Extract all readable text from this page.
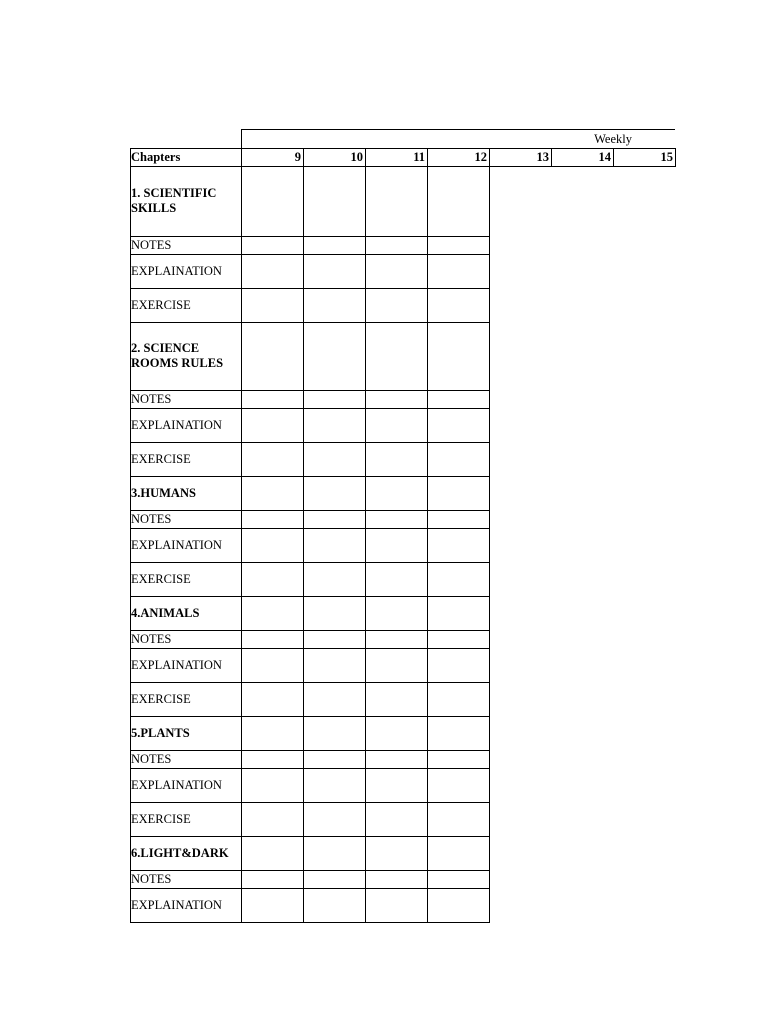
Weekly
Chapters	9	10	11	12	13	14	15
1. SCIENTIFIC SKILLS
NOTES
EXPLAINATION
EXERCISE
2. SCIENCE ROOMS RULES
NOTES
EXPLAINATION
EXERCISE
3.HUMANS
NOTES
EXPLAINATION
EXERCISE
4.ANIMALS
NOTES
EXPLAINATION
EXERCISE
5.PLANTS
NOTES
EXPLAINATION
EXERCISE
6.LIGHT&DARK
NOTES
EXPLAINATION
